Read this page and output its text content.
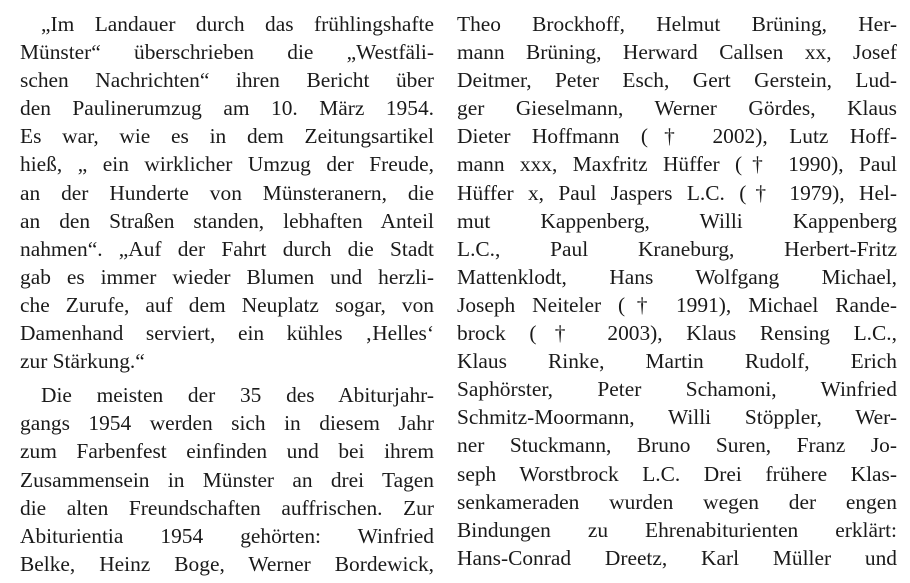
„Im Landauer durch das frühlingshafte
Münster“ überschrieben die „Westfäli-
schen Nachrichten“ ihren Bericht über
den Paulinerumzug am 10. März 1954.
Es war, wie es in dem Zeitungsartikel
hieß, „ ein wirklicher Umzug der Freude,
an der Hunderte von Münsteranern, die
an den Straßen standen, lebhaften Anteil
nahmen“. „Auf der Fahrt durch die Stadt
gab es immer wieder Blumen und herzli-
che Zurufe, auf dem Neuplatz sogar, von
Damenhand serviert, ein kühles ‚Helles‘
zur Stärkung.“
Die meisten der 35 des Abiturjahr-
gangs 1954 werden sich in diesem Jahr
zum Farbenfest einfinden und bei ihrem
Zusammensein in Münster an drei Tagen
die alten Freundschaften auffrischen. Zur
Abiturientia 1954 gehörten: Winfried
Belke, Heinz Boge, Werner Bordewick,
Theo Brockhoff, Helmut Brüning, Her-
mann Brüning, Herward Callsen xx, Josef
Deitmer, Peter Esch, Gert Gerstein, Lud-
ger Gieselmann, Werner Gördes, Klaus
Dieter Hoffmann († 2002), Lutz Hoff-
mann xxx, Maxfritz Hüffer († 1990), Paul
Hüffer x, Paul Jaspers L.C. († 1979), Hel-
mut Kappenberg, Willi Kappenberg
L.C., Paul Kraneburg, Herbert-Fritz
Mattenklodt, Hans Wolfgang Michael,
Joseph Neiteler († 1991), Michael Rande-
brock († 2003), Klaus Rensing L.C.,
Klaus Rinke, Martin Rudolf, Erich
Saphörster, Peter Schamoni, Winfried
Schmitz-Moormann, Willi Stöppler, Wer-
ner Stuckmann, Bruno Suren, Franz Jo-
seph Worstbrock L.C. Drei frühere Klas-
senkameraden wurden wegen der engen
Bindungen zu Ehrenabiturienten erklärt:
Hans-Conrad Dreetz, Karl Müller und
